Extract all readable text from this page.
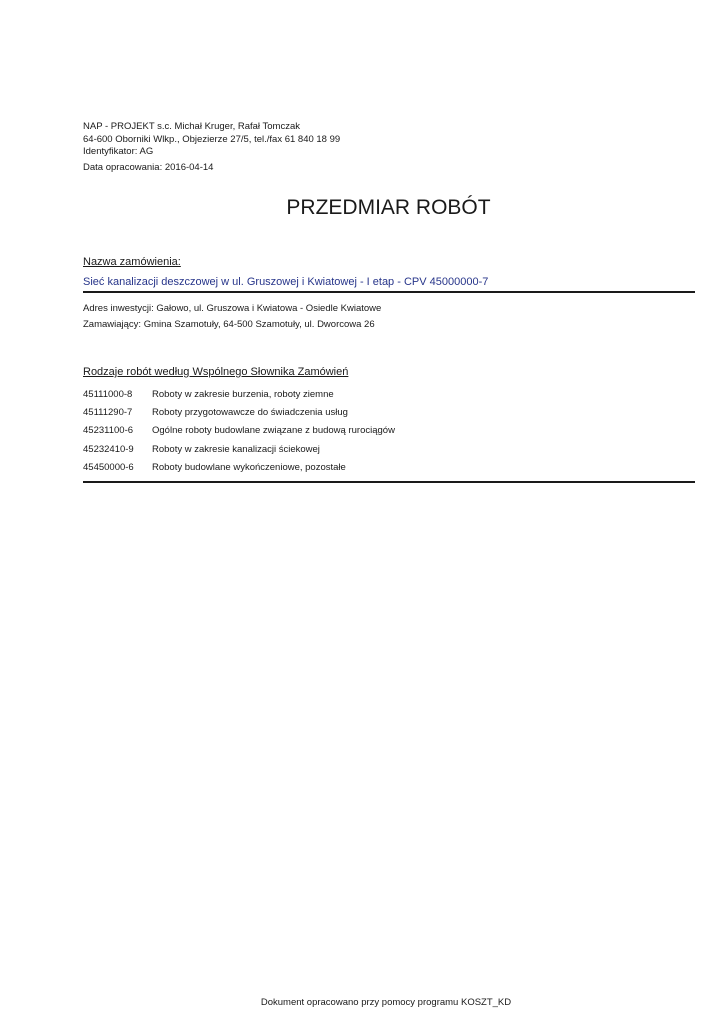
NAP - PROJEKT s.c. Michał Kruger, Rafał Tomczak
64-600 Oborniki Wlkp., Objezierze 27/5, tel./fax 61 840 18 99
Identyfikator: AG
Data opracowania: 2016-04-14
PRZEDMIAR ROBÓT
Nazwa zamówienia:
Sieć kanalizacji deszczowej w ul. Gruszowej i Kwiatowej - I etap - CPV 45000000-7
Adres inwestycji: Gałowo, ul. Gruszowa i Kwiatowa - Osiedle Kwiatowe
Zamawiający: Gmina Szamotuły, 64-500 Szamotuły, ul. Dworcowa 26
Rodzaje robót według Wspólnego Słownika Zamówień
45111000-8 Roboty w zakresie burzenia, roboty ziemne
45111290-7 Roboty przygotowawcze do świadczenia usług
45231100-6 Ogólne roboty budowlane związane z budową rurociągów
45232410-9 Roboty w zakresie kanalizacji ściekowej
45450000-6 Roboty budowlane wykończeniowe, pozostałe
Dokument opracowano przy pomocy programu KOSZT_KD
